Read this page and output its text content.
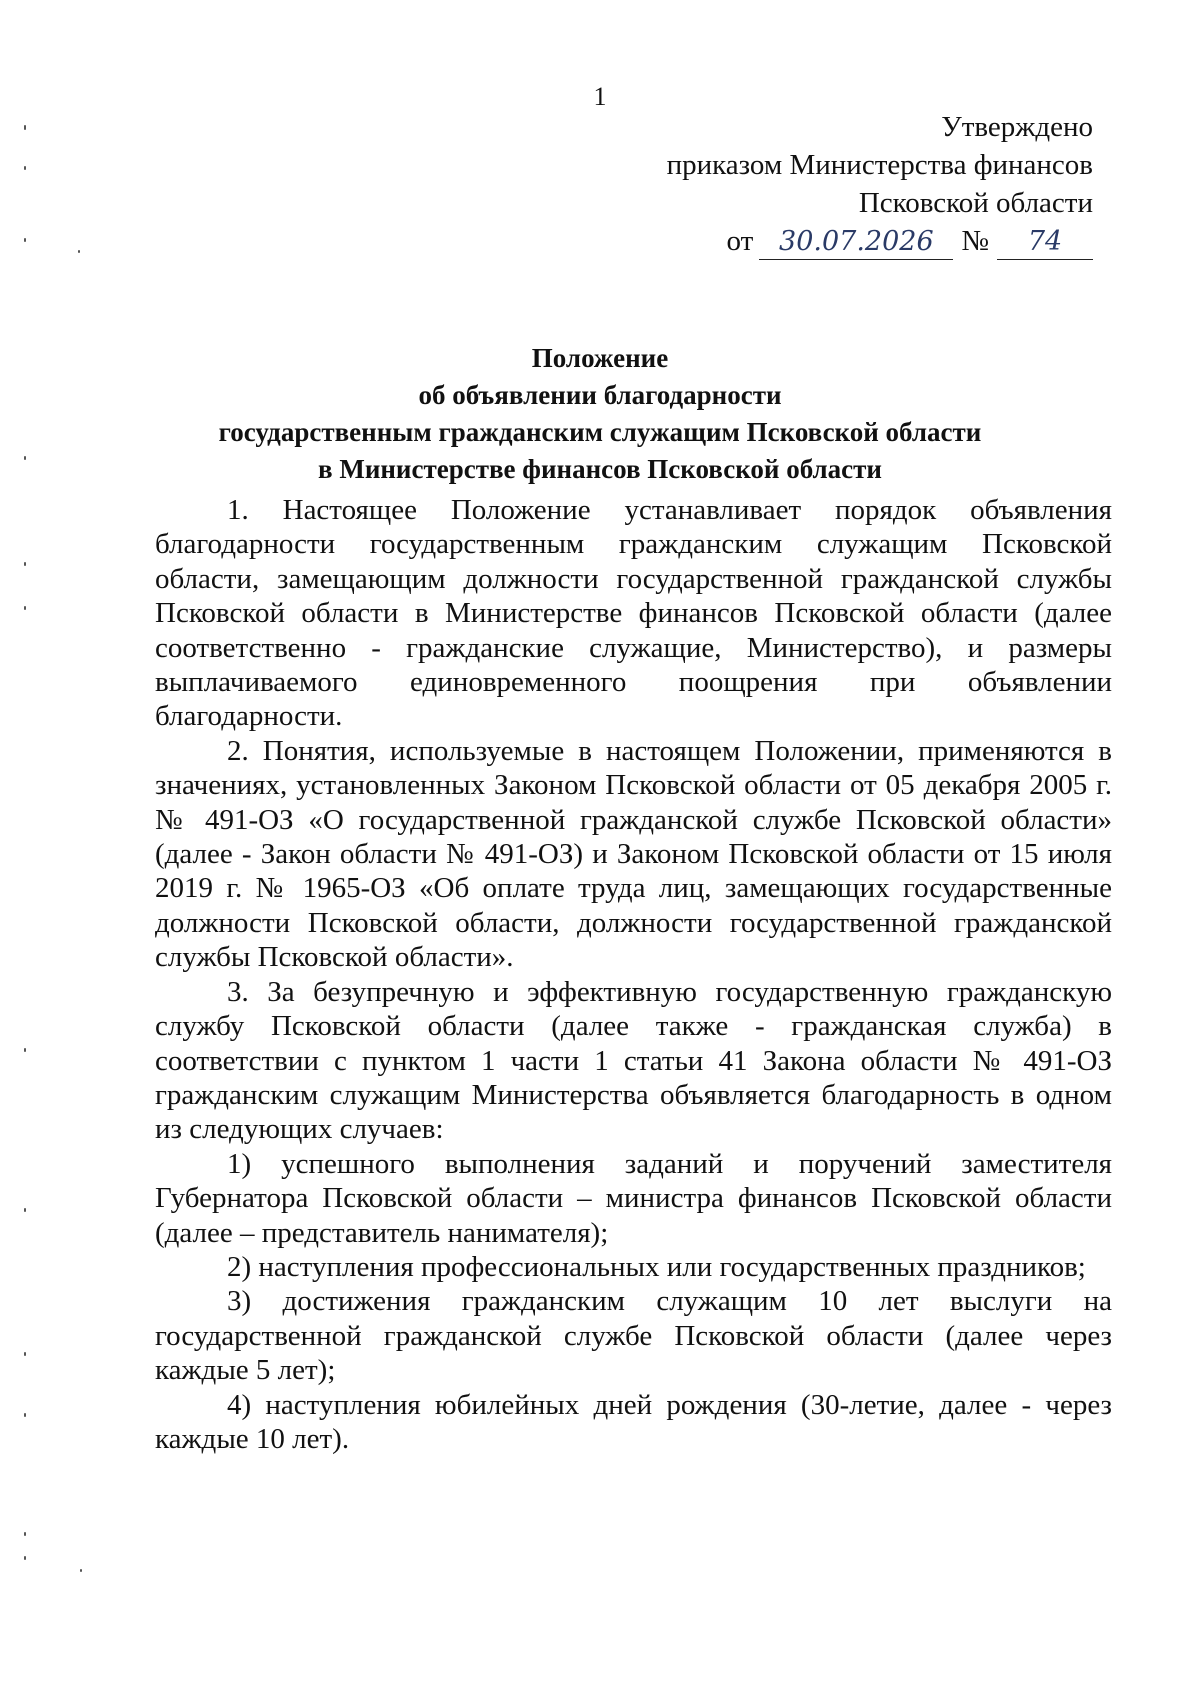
1
Утверждено
приказом Министерства финансов
Псковской области
от 30.07.2026 № 74
Положение
об объявлении благодарности
государственным гражданским служащим Псковской области
в Министерстве финансов Псковской области

1. Настоящее Положение устанавливает порядок объявления благодарности государственным гражданским служащим Псковской области, замещающим должности государственной гражданской службы Псковской области в Министерстве финансов Псковской области (далее соответственно - гражданские служащие, Министерство), и размеры выплачиваемого единовременного поощрения при объявлении благодарности.

2. Понятия, используемые в настоящем Положении, применяются в значениях, установленных Законом Псковской области от 05 декабря 2005 г. № 491-ОЗ «О государственной гражданской службе Псковской области» (далее - Закон области № 491-ОЗ) и Законом Псковской области от 15 июля 2019 г. № 1965-ОЗ «Об оплате труда лиц, замещающих государственные должности Псковской области, должности государственной гражданской службы Псковской области».

3. За безупречную и эффективную государственную гражданскую службу Псковской области (далее также - гражданская служба) в соответствии с пунктом 1 части 1 статьи 41 Закона области № 491-ОЗ гражданским служащим Министерства объявляется благодарность в одном из следующих случаев:

1) успешного выполнения заданий и поручений заместителя Губернатора Псковской области – министра финансов Псковской области (далее – представитель нанимателя);

2) наступления профессиональных или государственных праздников;

3) достижения гражданским служащим 10 лет выслуги на государственной гражданской службе Псковской области (далее через каждые 5 лет);

4) наступления юбилейных дней рождения (30-летие, далее - через каждые 10 лет).
